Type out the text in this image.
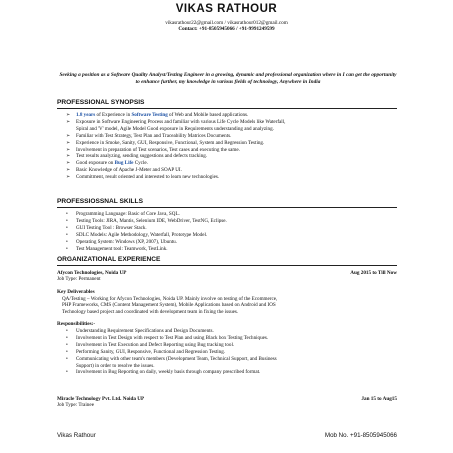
VIKAS RATHOUR
vikasrathour22@gmail.com / vikasrathour012@gmail.com
Contact: +91-8505945066 / +91-9991249599
Seeking a position as a Software Quality Analyst/Testing Engineer in a growing, dynamic and professional organization where in I can get the opportunity to enhance further, my knowledge in various fields of technology, Anywhere in India
PROFESSIONAL SYNOPSIS
➢ 1.8 years of Experience in Software Testing of Web and Mobile based applications.
➢ Exposure in Software Engineering Process and familiar with various Life Cycle Models like Waterfall,
Spiral and 'V' model, Agile Model Good exposure in Requirements understanding and analyzing.
➢ Familiar with Test Strategy, Test Plan and Traceability Matrices Documents.
➢ Experience in Smoke, Sanity, GUI, Responsive, Functional, System and Regression Testing.
➢ Involvement in preparation of Test scenarios, Test cases and executing the same.
➢ Test results analyzing, sending suggestions and defects tracking.
➢ Good exposure on Bug Life Cycle.
➢ Basic Knowledge of Apache J-Meter and SOAP UI.
➢ Commitment, result oriented and interested to learn new technologies.
PROFESSIOSSNAL SKILLS
• Programming Language: Basic of Core Java, SQL.
• Testing Tools: JIRA, Mantis, Selenium IDE, WebDriver, TestNG, Eclipse.
• GUI Testing Tool : Browser Stack.
• SDLC Models: Agile Methodology, Waterfall, Prototype Model.
• Operating System: Windows (XP, 2007), Ubuntu.
• Test Management tool: Teamwork, TestLink.
ORGANIZATIONAL EXPERIENCE
Afycon Technologies, Noida UP	Aug 2015 to Till Now
Job Type: Permanent
Key Deliverables
QA/Testing – Working for Afycon Technologies, Noida UP. Mainly involve on testing of the Ecommerce,
PHP Frameworks, CMS (Content Management System), Mobile Applications based on Android and IOS
Technology based project and coordinated with development team in fixing the issues.
Responsibilities:-
• Understanding Requirement Specifications and Design Documents.
• Involvement in Test Design with respect to Test Plan and using Black box Testing Techniques.
• Involvement in Test Execution and Defect Reporting using Bug tracking tool.
• Performing Sanity, GUI, Responsive, Functional and Regression Testing.
• Communicating with other team's members (Development Team, Technical Support, and Business
Support) in order to resolve the issues.
• Involvement in Bug Reporting on daily, weekly basis through company prescribed format.
Miracle Technology Pvt. Ltd. Noida UP	Jan 15 to Aug15
Job Type: Trainee
Vikas Rathour	Mob No. +91-8505945066
